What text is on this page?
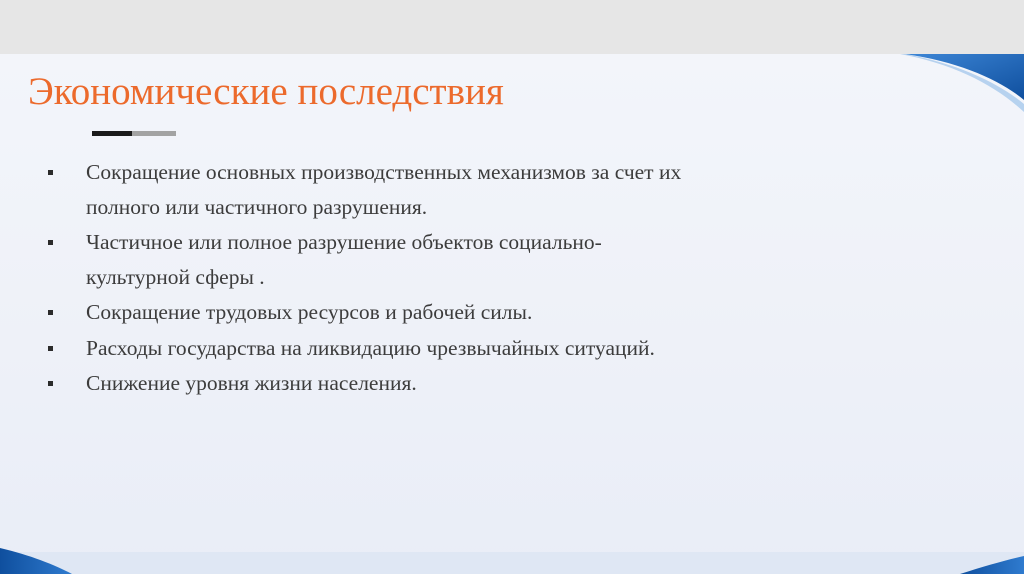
Экономические последствия
Сокращение основных производственных механизмов за счет их полного или частичного разрушения.
Частичное или полное разрушение объектов социально-культурной сферы .
Сокращение трудовых ресурсов и рабочей силы.
Расходы государства на ликвидацию чрезвычайных ситуаций.
Снижение уровня жизни населения.
